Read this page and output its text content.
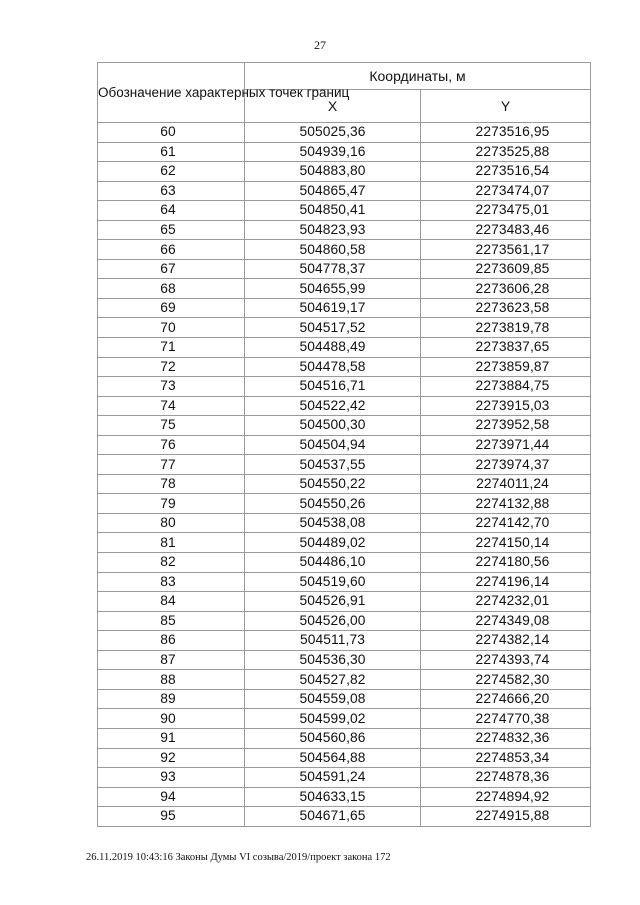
27
Обозначение характерных точек границ	Координаты, м	
	X	Y
60	505025,36	2273516,95
61	504939,16	2273525,88
62	504883,80	2273516,54
63	504865,47	2273474,07
64	504850,41	2273475,01
65	504823,93	2273483,46
66	504860,58	2273561,17
67	504778,37	2273609,85
68	504655,99	2273606,28
69	504619,17	2273623,58
70	504517,52	2273819,78
71	504488,49	2273837,65
72	504478,58	2273859,87
73	504516,71	2273884,75
74	504522,42	2273915,03
75	504500,30	2273952,58
76	504504,94	2273971,44
77	504537,55	2273974,37
78	504550,22	2274011,24
79	504550,26	2274132,88
80	504538,08	2274142,70
81	504489,02	2274150,14
82	504486,10	2274180,56
83	504519,60	2274196,14
84	504526,91	2274232,01
85	504526,00	2274349,08
86	504511,73	2274382,14
87	504536,30	2274393,74
88	504527,82	2274582,30
89	504559,08	2274666,20
90	504599,02	2274770,38
91	504560,86	2274832,36
92	504564,88	2274853,34
93	504591,24	2274878,36
94	504633,15	2274894,92
95	504671,65	2274915,88
26.11.2019 10:43:16 Законы Думы VI созыва/2019/проект закона 172
